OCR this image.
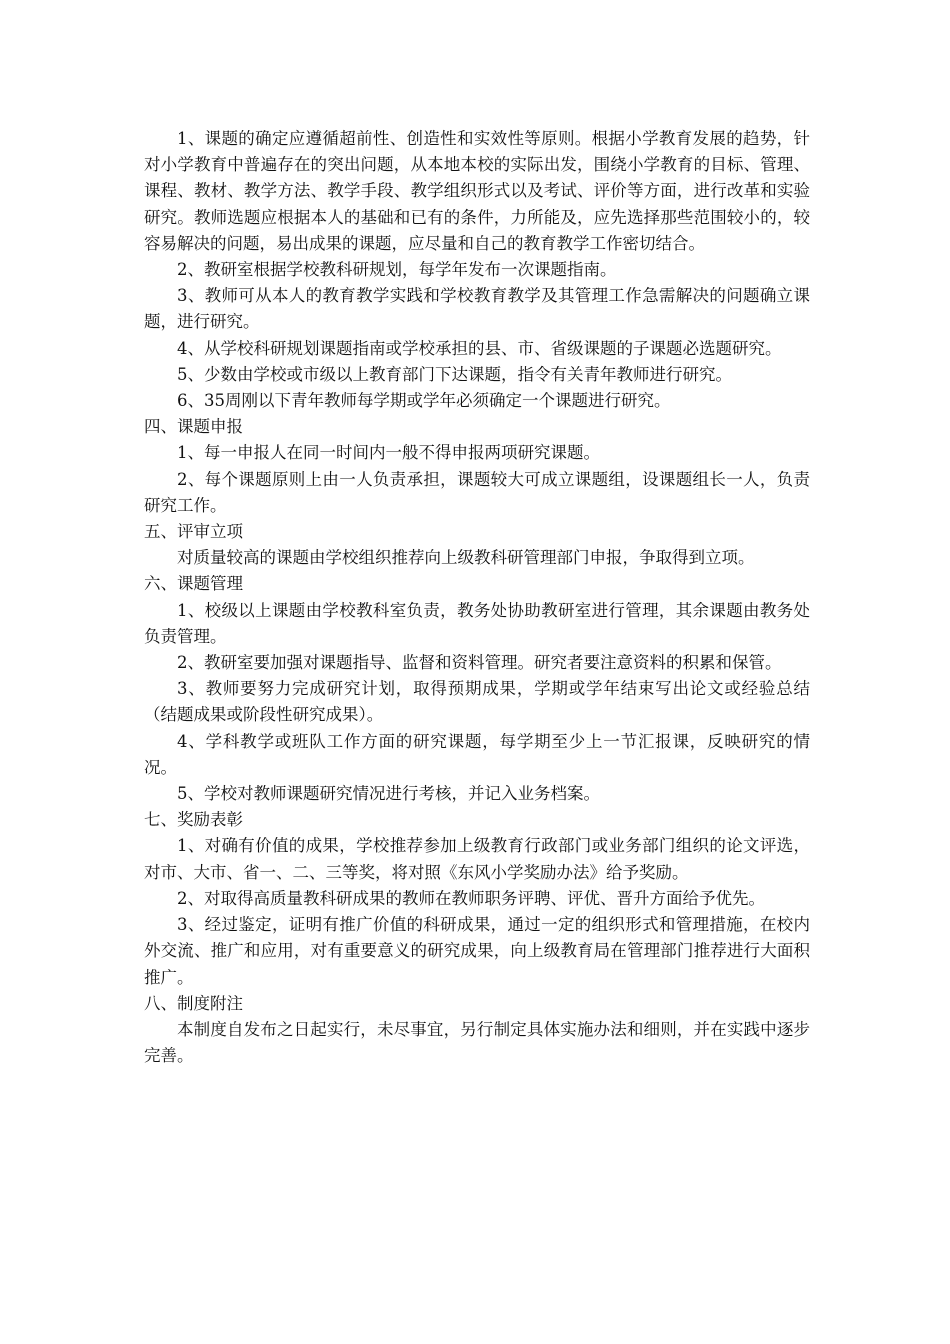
1、课题的确定应遵循超前性、创造性和实效性等原则。根据小学教育发展的趋势，针对小学教育中普遍存在的突出问题，从本地本校的实际出发，围绕小学教育的目标、管理、课程、教材、教学方法、教学手段、教学组织形式以及考试、评价等方面，进行改革和实验研究。教师选题应根据本人的基础和已有的条件，力所能及，应先选择那些范围较小的，较容易解决的问题，易出成果的课题，应尽量和自己的教育教学工作密切结合。

2、教研室根据学校教科研规划，每学年发布一次课题指南。

3、教师可从本人的教育教学实践和学校教育教学及其管理工作急需解决的问题确立课题，进行研究。

4、从学校科研规划课题指南或学校承担的县、市、省级课题的子课题必选题研究。

5、少数由学校或市级以上教育部门下达课题，指令有关青年教师进行研究。

6、35周刚以下青年教师每学期或学年必须确定一个课题进行研究。

四、课题申报

1、每一申报人在同一时间内一般不得申报两项研究课题。

2、每个课题原则上由一人负责承担，课题较大可成立课题组，设课题组长一人，负责研究工作。

五、评审立项

对质量较高的课题由学校组织推荐向上级教科研管理部门申报，争取得到立项。

六、课题管理

1、校级以上课题由学校教科室负责，教务处协助教研室进行管理，其余课题由教务处负责管理。

2、教研室要加强对课题指导、监督和资料管理。研究者要注意资料的积累和保管。

3、教师要努力完成研究计划，取得预期成果，学期或学年结束写出论文或经验总结（结题成果或阶段性研究成果）。

4、学科教学或班队工作方面的研究课题，每学期至少上一节汇报课，反映研究的情况。

5、学校对教师课题研究情况进行考核，并记入业务档案。

七、奖励表彰

1、对确有价值的成果，学校推荐参加上级教育行政部门或业务部门组织的论文评选，对市、大市、省一、二、三等奖，将对照《东风小学奖励办法》给予奖励。

2、对取得高质量教科研成果的教师在教师职务评聘、评优、晋升方面给予优先。

3、经过鉴定，证明有推广价值的科研成果，通过一定的组织形式和管理措施，在校内外交流、推广和应用，对有重要意义的研究成果，向上级教育局在管理部门推荐进行大面积推广。

八、制度附注

本制度自发布之日起实行，未尽事宜，另行制定具体实施办法和细则，并在实践中逐步完善。
